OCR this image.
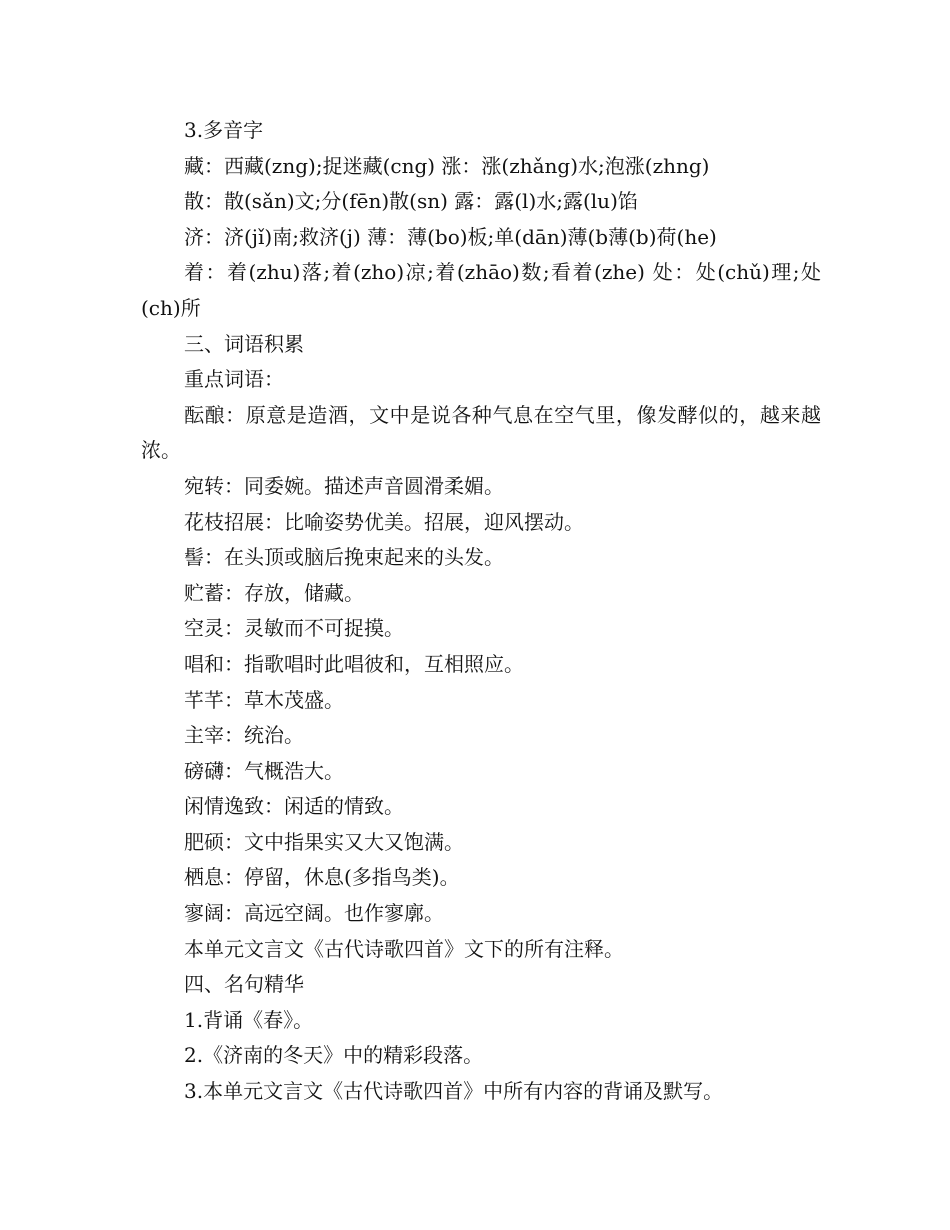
3.多音字

藏：西藏(zng);捉迷藏(cng) 涨：涨(zhǎng)水;泡涨(zhng)

散：散(sǎn)文;分(fēn)散(sn) 露：露(l)水;露(lu)馅

济：济(jǐ)南;救济(j) 薄：薄(bo)板;单(dān)薄(b薄(b)荷(he)

着：着(zhu)落;着(zho)凉;着(zhāo)数;看着(zhe) 处：处(chǔ)理;处(ch)所

三、词语积累

重点词语：

酝酿：原意是造酒，文中是说各种气息在空气里，像发酵似的，越来越浓。

宛转：同委婉。描述声音圆滑柔媚。

花枝招展：比喻姿势优美。招展，迎风摆动。

髻：在头顶或脑后挽束起来的头发。

贮蓄：存放，储藏。

空灵：灵敏而不可捉摸。

唱和：指歌唱时此唱彼和，互相照应。

芊芊：草木茂盛。

主宰：统治。

磅礴：气概浩大。

闲情逸致：闲适的情致。

肥硕：文中指果实又大又饱满。

栖息：停留，休息(多指鸟类)。

寥阔：高远空阔。也作寥廓。

本单元文言文《古代诗歌四首》文下的所有注释。

四、名句精华

1.背诵《春》。

2.《济南的冬天》中的精彩段落。

3.本单元文言文《古代诗歌四首》中所有内容的背诵及默写。
